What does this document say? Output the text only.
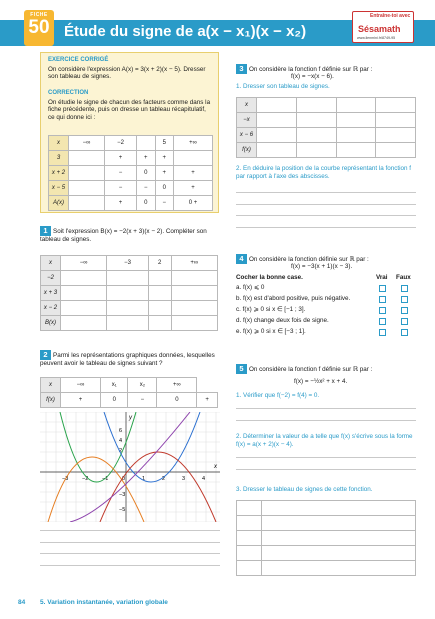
FICHE
50 Étude du signe de a(x − x₁)(x − x₂)
Entraîne-toi avec
Sésamath
www.lienmini.fr/8749-95
EXERCICE CORRIGÉ

On considère l'expression A(x) = 3(x + 2)(x − 5). Dresser son tableau de signes.

CORRECTION

On étudie le signe de chacun des facteurs comme dans la fiche précédente, puis on dresse un tableau récapitulatif, ce qui donne ici :

x	−∞	−2		5	+∞
3		+	+	+	
x + 2		−	0	+	+
x − 5		−	−	0	+
A(x)		+	0	−	0 +

1 Soit l'expression B(x) = −2(x + 3)(x − 2). Compléter son tableau de signes.

x	−∞	−3	2	+∞
−2				
x + 3				
x − 2				
B(x)				

2 Parmi les représentations graphiques données, lesquelles peuvent avoir le tableau de signes suivant ?

x	−∞	x₁	x₂	+∞	
f(x)	+	0	−	0	+
x
y
−3 −2 −1 0	1	2	3	4
6
4
2
−3
−5

3 On considère la fonction f définie sur ℝ par :

f(x) = −x(x − 6).

1. Dresser son tableau de signes.

2. En déduire la position de la courbe représentant la fonction f par rapport à l'axe des abscisses.

x				
−x				
x − 6				
f(x)				

4 On considère la fonction définie sur ℝ par :

f(x) = −3(x + 1)(x − 3).

Cocher la bonne case.	Vrai Faux

a. f(x) ⩽ 0

b. f(x) est d'abord positive, puis négative.

c. f(x) ⩾ 0 si x ∈ [−1 ; 3].

d. f(x) change deux fois de signe.

e. f(x) ⩾ 0 si x ∈ [−3 ; 1].

5 On considère la fonction f définie sur ℝ par :

f(x) = −½x² + x + 4.

1. Vérifier que f(−2) = f(4) = 0.

2. Déterminer la valeur de a telle que f(x) s'écrive sous la forme f(x) = a(x + 2)(x − 4).

3. Dresser le tableau de signes de cette fonction.

84 5. Variation instantanée, variation globale
